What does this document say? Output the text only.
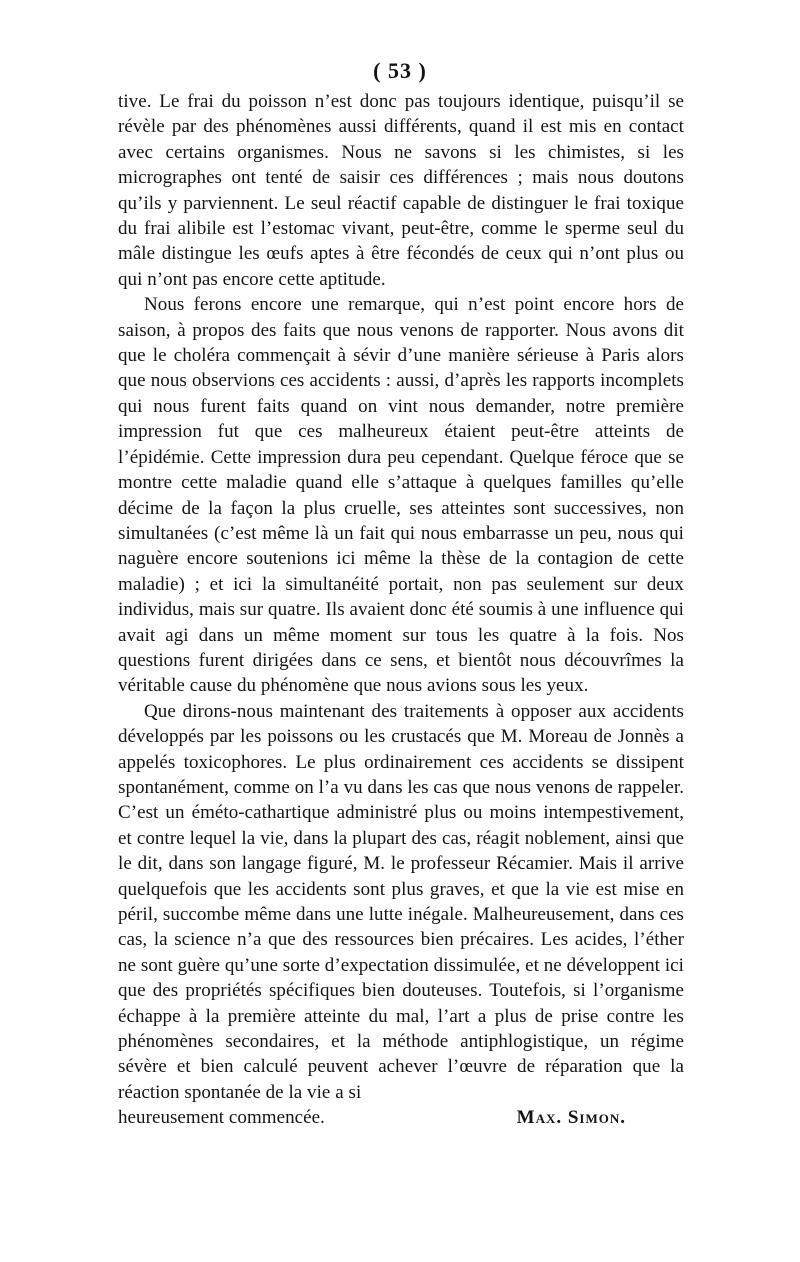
( 53 )

tive. Le frai du poisson n’est donc pas toujours identique, puisqu’il se révèle par des phénomènes aussi différents, quand il est mis en contact avec certains organismes. Nous ne savons si les chimistes, si les micrographes ont tenté de saisir ces différences ; mais nous doutons qu’ils y parviennent. Le seul réactif capable de distinguer le frai toxique du frai alibile est l’estomac vivant, peut-être, comme le sperme seul du mâle distingue les œufs aptes à être fécondés de ceux qui n’ont plus ou qui n’ont pas encore cette aptitude.

Nous ferons encore une remarque, qui n’est point encore hors de saison, à propos des faits que nous venons de rapporter. Nous avons dit que le choléra commençait à sévir d’une manière sérieuse à Paris alors que nous observions ces accidents : aussi, d’après les rapports incomplets qui nous furent faits quand on vint nous demander, notre première impression fut que ces malheureux étaient peut-être atteints de l’épidémie. Cette impression dura peu cependant. Quelque féroce que se montre cette maladie quand elle s’attaque à quelques familles qu’elle décime de la façon la plus cruelle, ses atteintes sont successives, non simultanées (c’est même là un fait qui nous embarrasse un peu, nous qui naguère encore soutenions ici même la thèse de la contagion de cette maladie) ; et ici la simultanéité portait, non pas seulement sur deux individus, mais sur quatre. Ils avaient donc été soumis à une influence qui avait agi dans un même moment sur tous les quatre à la fois. Nos questions furent dirigées dans ce sens, et bientôt nous découvrîmes la véritable cause du phénomène que nous avions sous les yeux.

Que dirons-nous maintenant des traitements à opposer aux accidents développés par les poissons ou les crustacés que M. Moreau de Jonnès a appelés toxicophores. Le plus ordinairement ces accidents se dissipent spontanément, comme on l’a vu dans les cas que nous venons de rappeler. C’est un éméto-cathartique administré plus ou moins intempestivement, et contre lequel la vie, dans la plupart des cas, réagit noblement, ainsi que le dit, dans son langage figuré, M. le professeur Récamier. Mais il arrive quelquefois que les accidents sont plus graves, et que la vie est mise en péril, succombe même dans une lutte inégale. Malheureusement, dans ces cas, la science n’a que des ressources bien précaires. Les acides, l’éther ne sont guère qu’une sorte d’expectation dissimulée, et ne développent ici que des propriétés spécifiques bien douteuses. Toutefois, si l’organisme échappe à la première atteinte du mal, l’art a plus de prise contre les phénomènes secondaires, et la méthode antiphlogistique, un régime sévère et bien calculé peuvent achever l’œuvre de réparation que la réaction spontanée de la vie a si

heureusement commencée.	Max. Simon.
